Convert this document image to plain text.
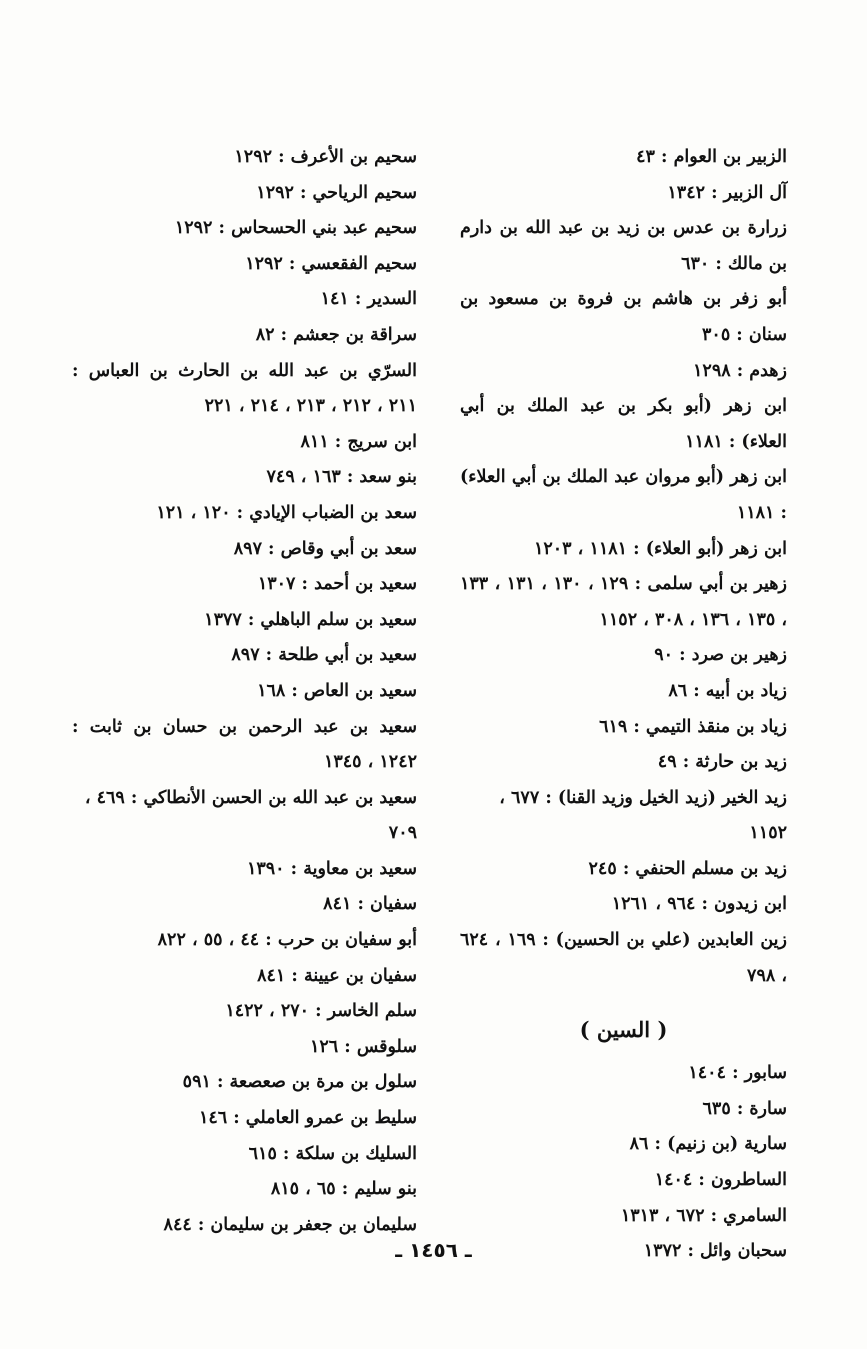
الزبير بن العوام : ٤٣

آل الزبير : ١٣٤٢

زرارة بن عدس بن زيد بن عبد الله بن دارم بن مالك : ٦٣٠

أبو زفر بن هاشم بن فروة بن مسعود بن سنان : ٣٠٥

زهدم : ١٢٩٨

ابن زهر (أبو بكر بن عبد الملك بن أبي العلاء) : ١١٨١

ابن زهر (أبو مروان عبد الملك بن أبي العلاء) : ١١٨١

ابن زهر (أبو العلاء) : ١١٨١ ، ١٢٠٣

زهير بن أبي سلمى : ١٢٩ ، ١٣٠ ، ١٣١ ، ١٣٣ ، ١٣٥ ، ١٣٦ ، ٣٠٨ ، ١١٥٢

زهير بن صرد : ٩٠

زياد بن أبيه : ٨٦

زياد بن منقذ التيمي : ٦١٩

زيد بن حارثة : ٤٩

زيد الخير (زيد الخيل وزيد القنا) : ٦٧٧ ، ١١٥٢

زيد بن مسلم الحنفي : ٢٤٥

ابن زيدون : ٩٦٤ ، ١٢٦١

زين العابدين (علي بن الحسين) : ١٦٩ ، ٦٢٤ ، ٧٩٨

( السين )

سابور : ١٤٠٤

سارة : ٦٣٥

سارية (بن زنيم) : ٨٦

الساطرون : ١٤٠٤

السامري : ٦٧٢ ، ١٣١٣

سحبان وائل : ١٣٧٢

سحيم بن الأعرف : ١٢٩٢

سحيم الرياحي : ١٢٩٢

سحيم عبد بني الحسحاس : ١٢٩٢

سحيم الفقعسي : ١٢٩٢

السدير : ١٤١

سراقة بن جعشم : ٨٢

السرّي بن عبد الله بن الحارث بن العباس : ٢١١ ، ٢١٢ ، ٢١٣ ، ٢١٤ ، ٢٢١

ابن سريج : ٨١١

بنو سعد : ١٦٣ ، ٧٤٩

سعد بن الضباب الإيادي : ١٢٠ ، ١٢١

سعد بن أبي وقاص : ٨٩٧

سعيد بن أحمد : ١٣٠٧

سعيد بن سلم الباهلي : ١٣٧٧

سعيد بن أبي طلحة : ٨٩٧

سعيد بن العاص : ١٦٨

سعيد بن عبد الرحمن بن حسان بن ثابت : ١٢٤٢ ، ١٣٤٥

سعيد بن عبد الله بن الحسن الأنطاكي : ٤٦٩ ، ٧٠٩

سعيد بن معاوية : ١٣٩٠

سفيان : ٨٤١

أبو سفيان بن حرب : ٤٤ ، ٥٥ ، ٨٢٢

سفيان بن عيينة : ٨٤١

سلم الخاسر : ٢٧٠ ، ١٤٢٢

سلوقس : ١٢٦

سلول بن مرة بن صعصعة : ٥٩١

سليط بن عمرو العاملي : ١٤٦

السليك بن سلكة : ٦١٥

بنو سليم : ٦٥ ، ٨١٥

سليمان بن جعفر بن سليمان : ٨٤٤

ـ ١٤٥٦ ـ
